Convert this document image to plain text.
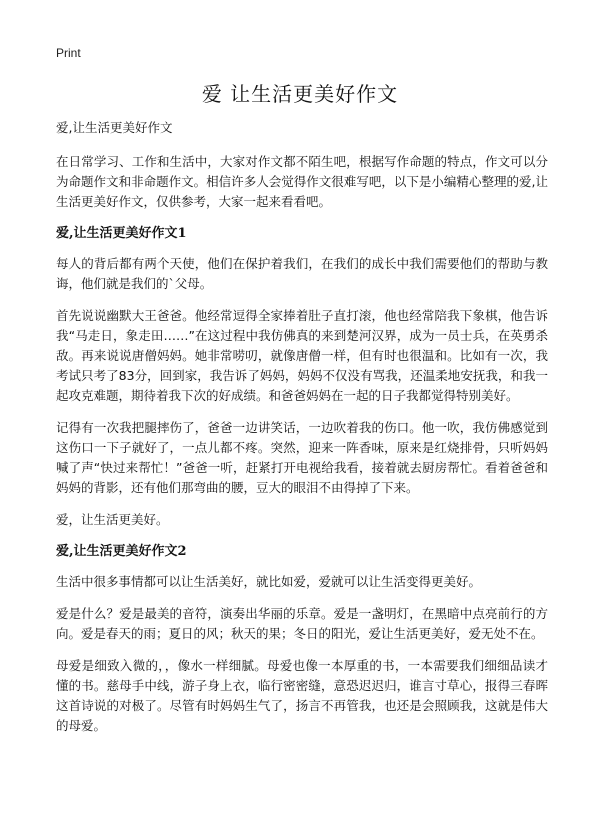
Print
爱 让生活更美好作文

爱,让生活更美好作文

在日常学习、工作和生活中，大家对作文都不陌生吧，根据写作命题的特点，作文可以分为命题作文和非命题作文。相信许多人会觉得作文很难写吧，以下是小编精心整理的爱,让生活更美好作文，仅供参考，大家一起来看看吧。

爱,让生活更美好作文1

每人的背后都有两个天使，他们在保护着我们，在我们的成长中我们需要他们的帮助与教诲，他们就是我们的`父母。

首先说说幽默大王爸爸。他经常逗得全家捧着肚子直打滚，他也经常陪我下象棋，他告诉我“马走日，象走田……”在这过程中我仿佛真的来到楚河汉界，成为一员士兵，在英勇杀敌。再来说说唐僧妈妈。她非常唠叨，就像唐僧一样，但有时也很温和。比如有一次，我考试只考了83分，回到家，我告诉了妈妈，妈妈不仅没有骂我，还温柔地安抚我，和我一起攻克难题，期待着我下次的好成绩。和爸爸妈妈在一起的日子我都觉得特别美好。

记得有一次我把腿摔伤了，爸爸一边讲笑话，一边吹着我的伤口。他一吹，我仿佛感觉到这伤口一下子就好了，一点儿都不疼。突然，迎来一阵香味，原来是红烧排骨，只听妈妈喊了声“快过来帮忙！”爸爸一听，赶紧打开电视给我看，接着就去厨房帮忙。看着爸爸和妈妈的背影，还有他们那弯曲的腰，豆大的眼泪不由得掉了下来。

爱，让生活更美好。

爱,让生活更美好作文2

生活中很多事情都可以让生活美好，就比如爱，爱就可以让生活变得更美好。

爱是什么？爱是最美的音符，演奏出华丽的乐章。爱是一盏明灯，在黑暗中点亮前行的方向。爱是春天的雨；夏日的风；秋天的果；冬日的阳光，爱让生活更美好，爱无处不在。

母爱是细致入微的，，像水一样细腻。母爱也像一本厚重的书，一本需要我们细细品读才懂的书。慈母手中线，游子身上衣，临行密密缝，意恐迟迟归，谁言寸草心，报得三春晖这首诗说的对极了。尽管有时妈妈生气了，扬言不再管我，也还是会照顾我，这就是伟大的母爱。
